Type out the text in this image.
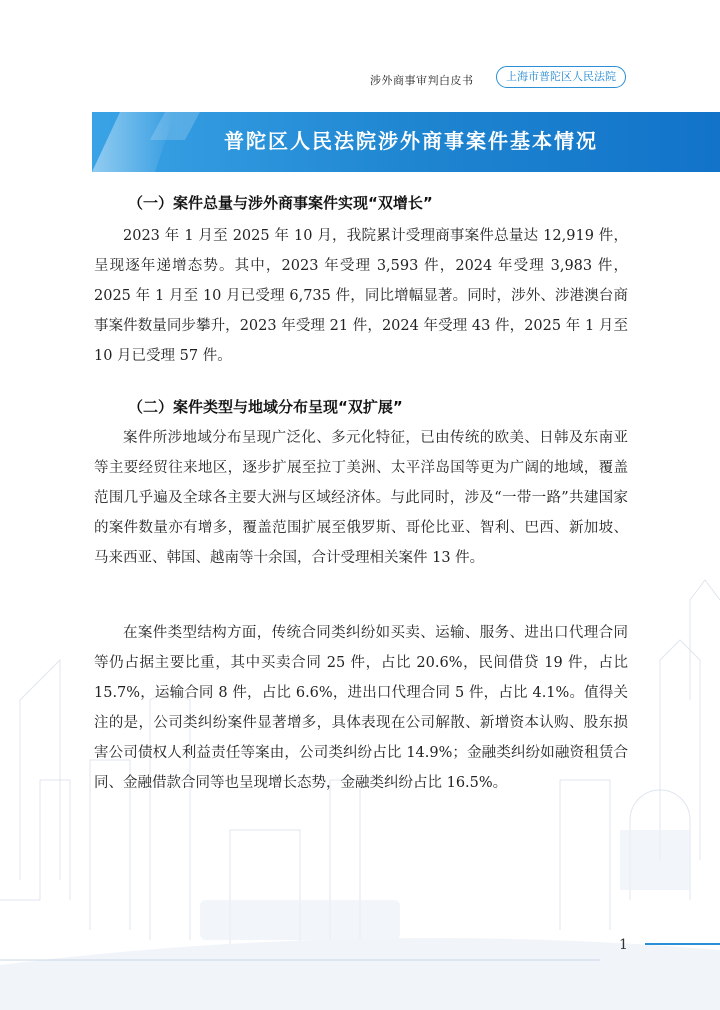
涉外商事审判白皮书	上海市普陀区人民法院
普陀区人民法院涉外商事案件基本情况
（一）案件总量与涉外商事案件实现“双增长”

2023 年 1 月至 2025 年 10 月，我院累计受理商事案件总量达 12,919 件，呈现逐年递增态势。其中，2023 年受理 3,593 件，2024 年受理 3,983 件，2025 年 1 月至 10 月已受理 6,735 件，同比增幅显著。同时，涉外、涉港澳台商事案件数量同步攀升，2023 年受理 21 件，2024 年受理 43 件，2025 年 1 月至 10 月已受理 57 件。

（二）案件类型与地域分布呈现“双扩展”

案件所涉地域分布呈现广泛化、多元化特征，已由传统的欧美、日韩及东南亚等主要经贸往来地区，逐步扩展至拉丁美洲、太平洋岛国等更为广阔的地域，覆盖范围几乎遍及全球各主要大洲与区域经济体。与此同时，涉及“一带一路”共建国家的案件数量亦有增多，覆盖范围扩展至俄罗斯、哥伦比亚、智利、巴西、新加坡、马来西亚、韩国、越南等十余国，合计受理相关案件 13 件。

在案件类型结构方面，传统合同类纠纷如买卖、运输、服务、进出口代理合同等仍占据主要比重，其中买卖合同 25 件，占比 20.6%，民间借贷 19 件，占比 15.7%，运输合同 8 件，占比 6.6%，进出口代理合同 5 件，占比 4.1%。值得关注的是，公司类纠纷案件显著增多，具体表现在公司解散、新增资本认购、股东损害公司债权人利益责任等案由，公司类纠纷占比 14.9%；金融类纠纷如融资租赁合同、金融借款合同等也呈现增长态势，金融类纠纷占比 16.5%。

1
